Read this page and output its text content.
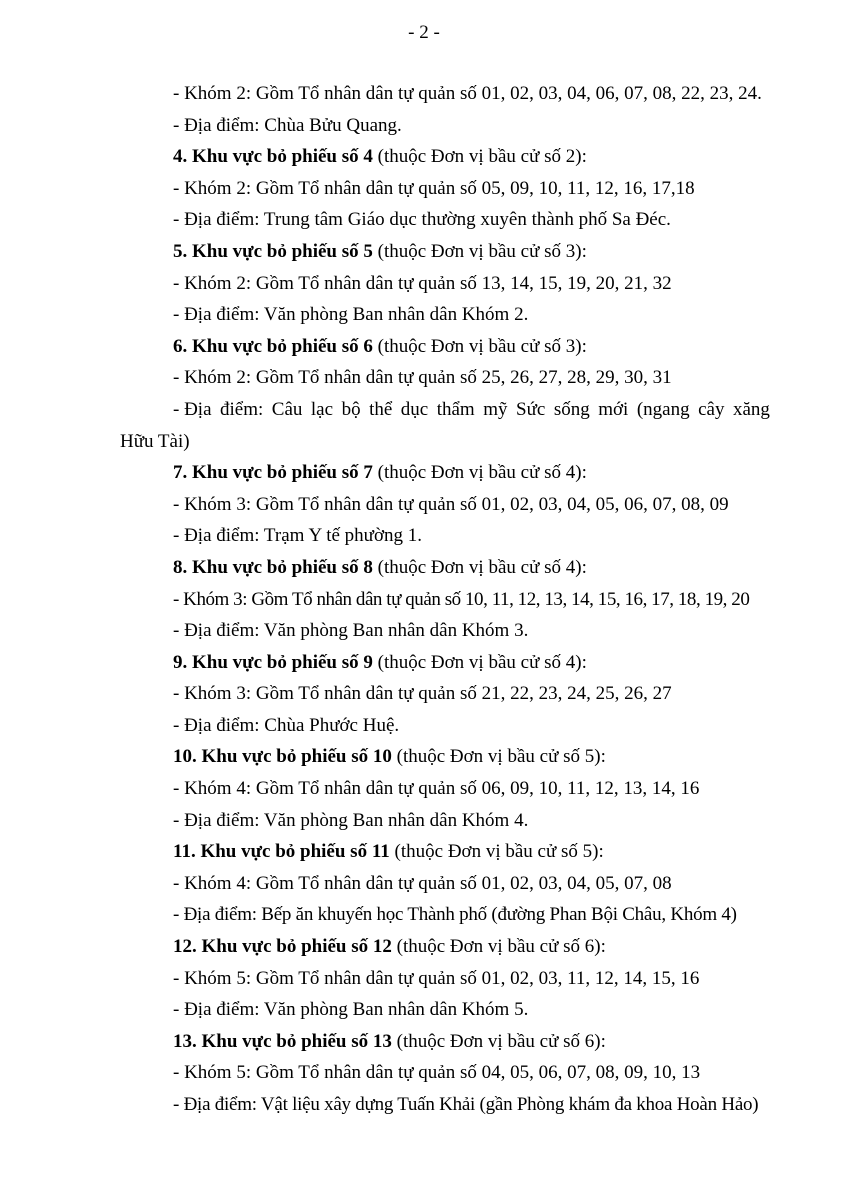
- 2 -
- Khóm 2: Gồm Tổ nhân dân tự quản số 01, 02, 03, 04, 06, 07, 08, 22, 23, 24.
- Địa điểm: Chùa Bửu Quang.
4. Khu vực bỏ phiếu số 4 (thuộc Đơn vị bầu cử số 2):
- Khóm 2: Gồm Tổ nhân dân tự quản số 05, 09, 10, 11, 12, 16, 17,18
- Địa điểm: Trung tâm Giáo dục thường xuyên thành phố Sa Đéc.
5. Khu vực bỏ phiếu số 5 (thuộc Đơn vị bầu cử số 3):
- Khóm 2: Gồm Tổ nhân dân tự quản số 13, 14, 15, 19, 20, 21, 32
- Địa điểm: Văn phòng Ban nhân dân Khóm 2.
6. Khu vực bỏ phiếu số 6 (thuộc Đơn vị bầu cử số 3):
- Khóm 2: Gồm Tổ nhân dân tự quản số 25, 26, 27, 28, 29, 30, 31
- Địa điểm: Câu lạc bộ thể dục thẩm mỹ Sức sống mới (ngang cây xăng
Hữu Tài)
7. Khu vực bỏ phiếu số 7 (thuộc Đơn vị bầu cử số 4):
- Khóm 3: Gồm Tổ nhân dân tự quản số 01, 02, 03, 04, 05, 06, 07, 08, 09
- Địa điểm: Trạm Y tế phường 1.
8. Khu vực bỏ phiếu số 8 (thuộc Đơn vị bầu cử số 4):
- Khóm 3: Gồm Tổ nhân dân tự quản số 10, 11, 12, 13, 14, 15, 16, 17, 18, 19, 20
- Địa điểm: Văn phòng Ban nhân dân Khóm 3.
9. Khu vực bỏ phiếu số 9 (thuộc Đơn vị bầu cử số 4):
- Khóm 3: Gồm Tổ nhân dân tự quản số 21, 22, 23, 24, 25, 26, 27
- Địa điểm: Chùa Phước Huệ.
10. Khu vực bỏ phiếu số 10 (thuộc Đơn vị bầu cử số 5):
- Khóm 4: Gồm Tổ nhân dân tự quản số 06, 09, 10, 11, 12, 13, 14, 16
- Địa điểm: Văn phòng Ban nhân dân Khóm 4.
11. Khu vực bỏ phiếu số 11 (thuộc Đơn vị bầu cử số 5):
- Khóm 4: Gồm Tổ nhân dân tự quản số 01, 02, 03, 04, 05, 07, 08
- Địa điểm: Bếp ăn khuyến học Thành phố (đường Phan Bội Châu, Khóm 4)
12. Khu vực bỏ phiếu số 12 (thuộc Đơn vị bầu cử số 6):
- Khóm 5: Gồm Tổ nhân dân tự quản số 01, 02, 03, 11, 12, 14, 15, 16
- Địa điểm: Văn phòng Ban nhân dân Khóm 5.
13. Khu vực bỏ phiếu số 13 (thuộc Đơn vị bầu cử số 6):
- Khóm 5: Gồm Tổ nhân dân tự quản số 04, 05, 06, 07, 08, 09, 10, 13
- Địa điểm: Vật liệu xây dựng Tuấn Khải (gần Phòng khám đa khoa Hoàn Hảo)
